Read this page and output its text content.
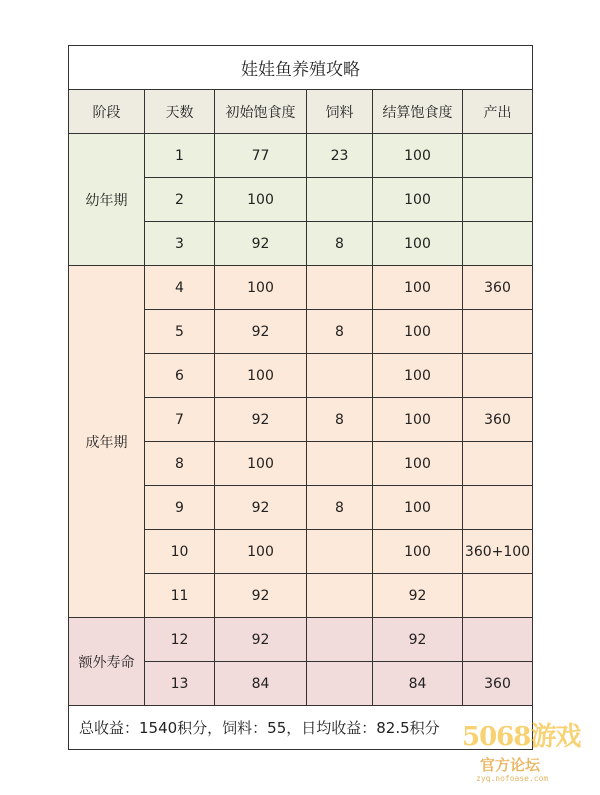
娃娃鱼养殖攻略					
阶段	天数	初始饱食度	饲料	结算饱食度	产出
幼年期	1	77	23	100	
	2	100		100	
	3	92	8	100	
成年期	4	100		100	360
	5	92	8	100	
	6	100		100	
	7	92	8	100	360
	8	100		100	
	9	92	8	100	
	10	100		100	360+100
	11	92		92	
额外寿命	12	92		92	
	13	84		84	360
总收益：1540积分，饲料：55，日均收益：82.5积分					5068游戏
官方论坛
zyq.nofoase.com
